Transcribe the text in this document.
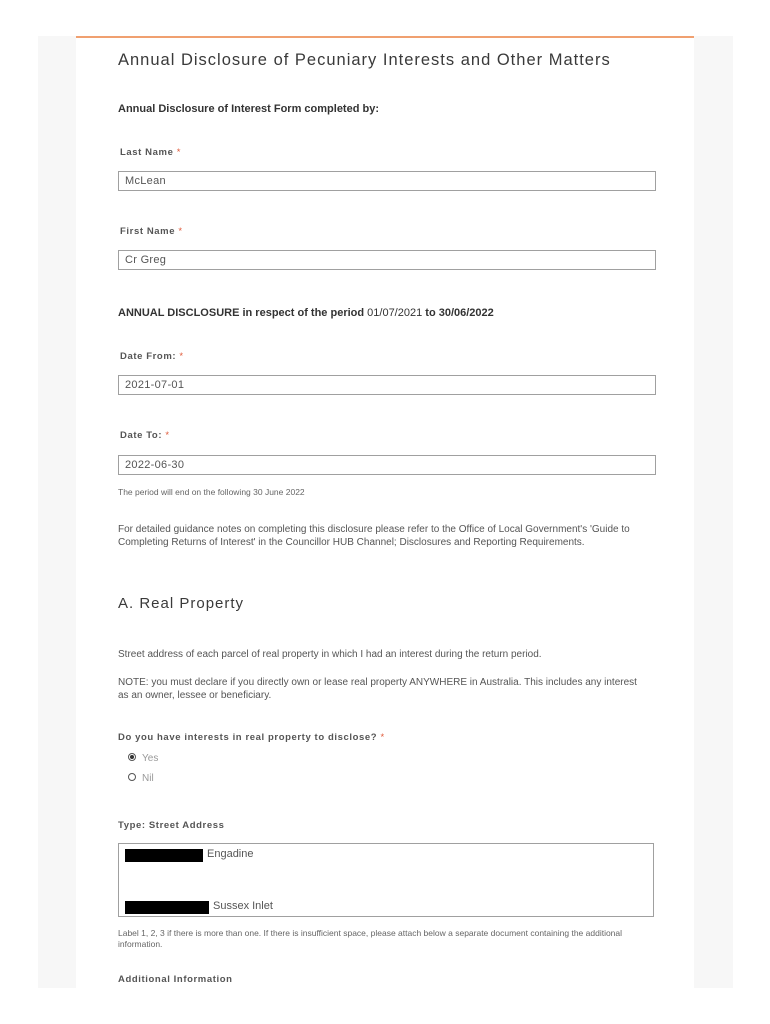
Annual Disclosure of Pecuniary Interests and Other Matters
Annual Disclosure of Interest Form completed by:
Last Name *
McLean
First Name *
Cr Greg
ANNUAL DISCLOSURE in respect of the period 01/07/2021 to 30/06/2022
Date From: *
2021-07-01
Date To: *
2022-06-30
The period will end on the following 30 June 2022
For detailed guidance notes on completing this disclosure please refer to the Office of Local Government's 'Guide to Completing Returns of Interest' in the Councillor HUB Channel; Disclosures and Reporting Requirements.
A. Real Property
Street address of each parcel of real property in which I had an interest during the return period.
NOTE: you must declare if you directly own or lease real property ANYWHERE in Australia. This includes any interest as an owner, lessee or beneficiary.
Do you have interests in real property to disclose? *
Yes
Nil
Type: Street Address
Engadine
Sussex Inlet
Label 1, 2, 3 if there is more than one. If there is insufficient space, please attach below a separate document containing the additional information.
Additional Information
